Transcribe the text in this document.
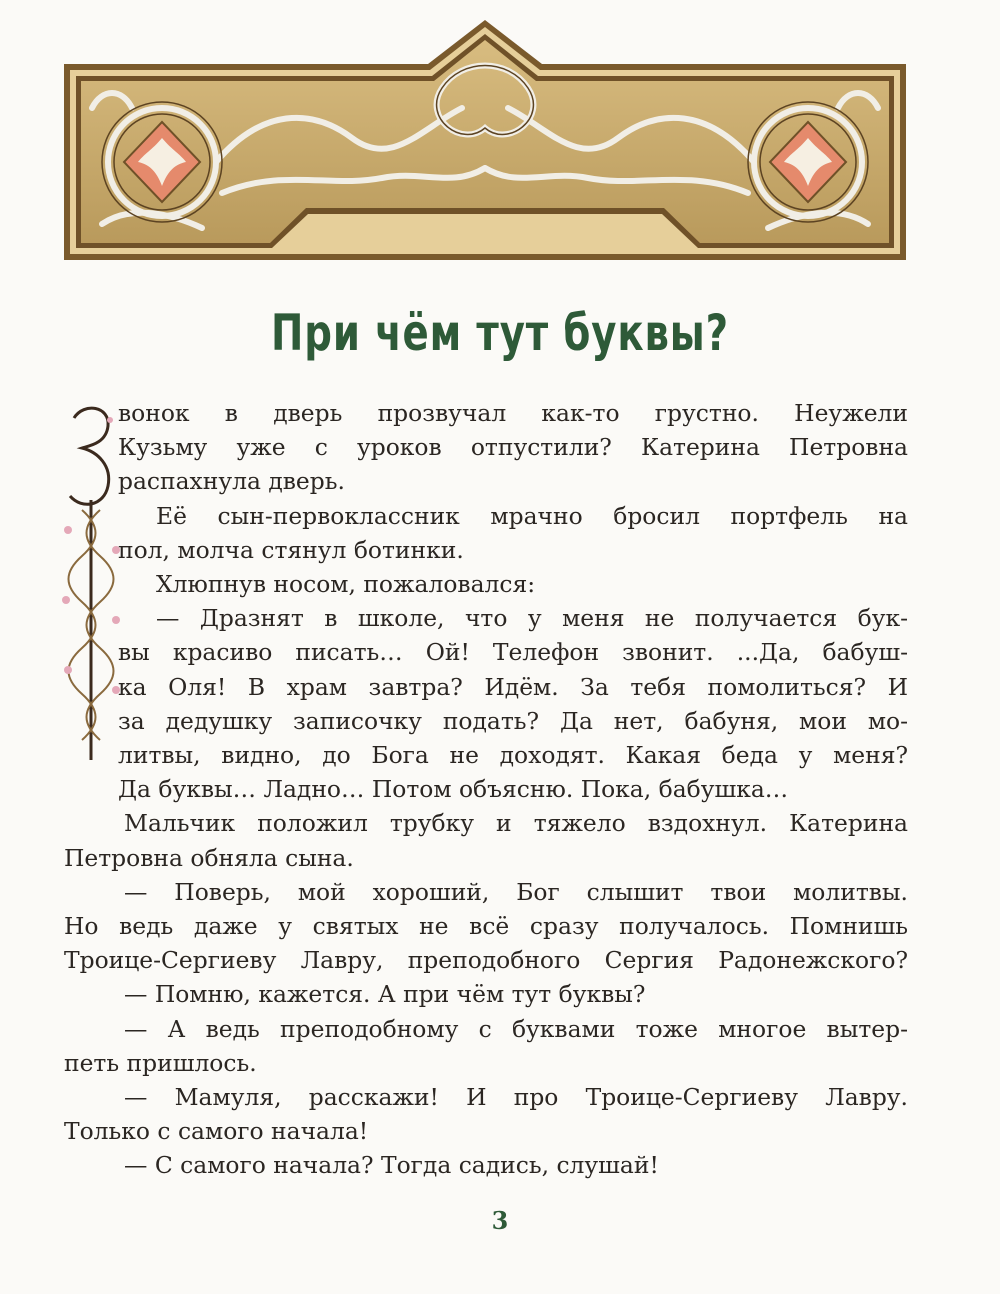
При чём тут буквы?
вонок в дверь прозвучал как-то грустно. Неужели
Кузьму уже с уроков отпустили? Катерина Петровна
распахнула дверь.
Её сын-первоклассник мрачно бросил портфель на
пол, молча стянул ботинки.
Хлюпнув носом, пожаловался:
— Дразнят в школе, что у меня не получается бук-
вы красиво писать… Ой! Телефон звонит. ...Да, бабуш-
ка Оля! В храм завтра? Идём. За тебя помолиться? И
за дедушку записочку подать? Да нет, бабуня, мои мо-
литвы, видно, до Бога не доходят. Какая беда у меня?
Да буквы… Ладно… Потом объясню. Пока, бабушка…
Мальчик положил трубку и тяжело вздохнул. Катерина
Петровна обняла сына.
— Поверь, мой хороший, Бог слышит твои молитвы.
Но ведь даже у святых не всё сразу получалось. Помнишь
Троице-Сергиеву Лавру, преподобного Сергия Радонежского?
— Помню, кажется. А при чём тут буквы?
— А ведь преподобному с буквами тоже многое вытер-
петь пришлось.
— Мамуля, расскажи! И про Троице-Сергиеву Лавру.
Только с самого начала!
— С самого начала? Тогда садись, слушай!
3
